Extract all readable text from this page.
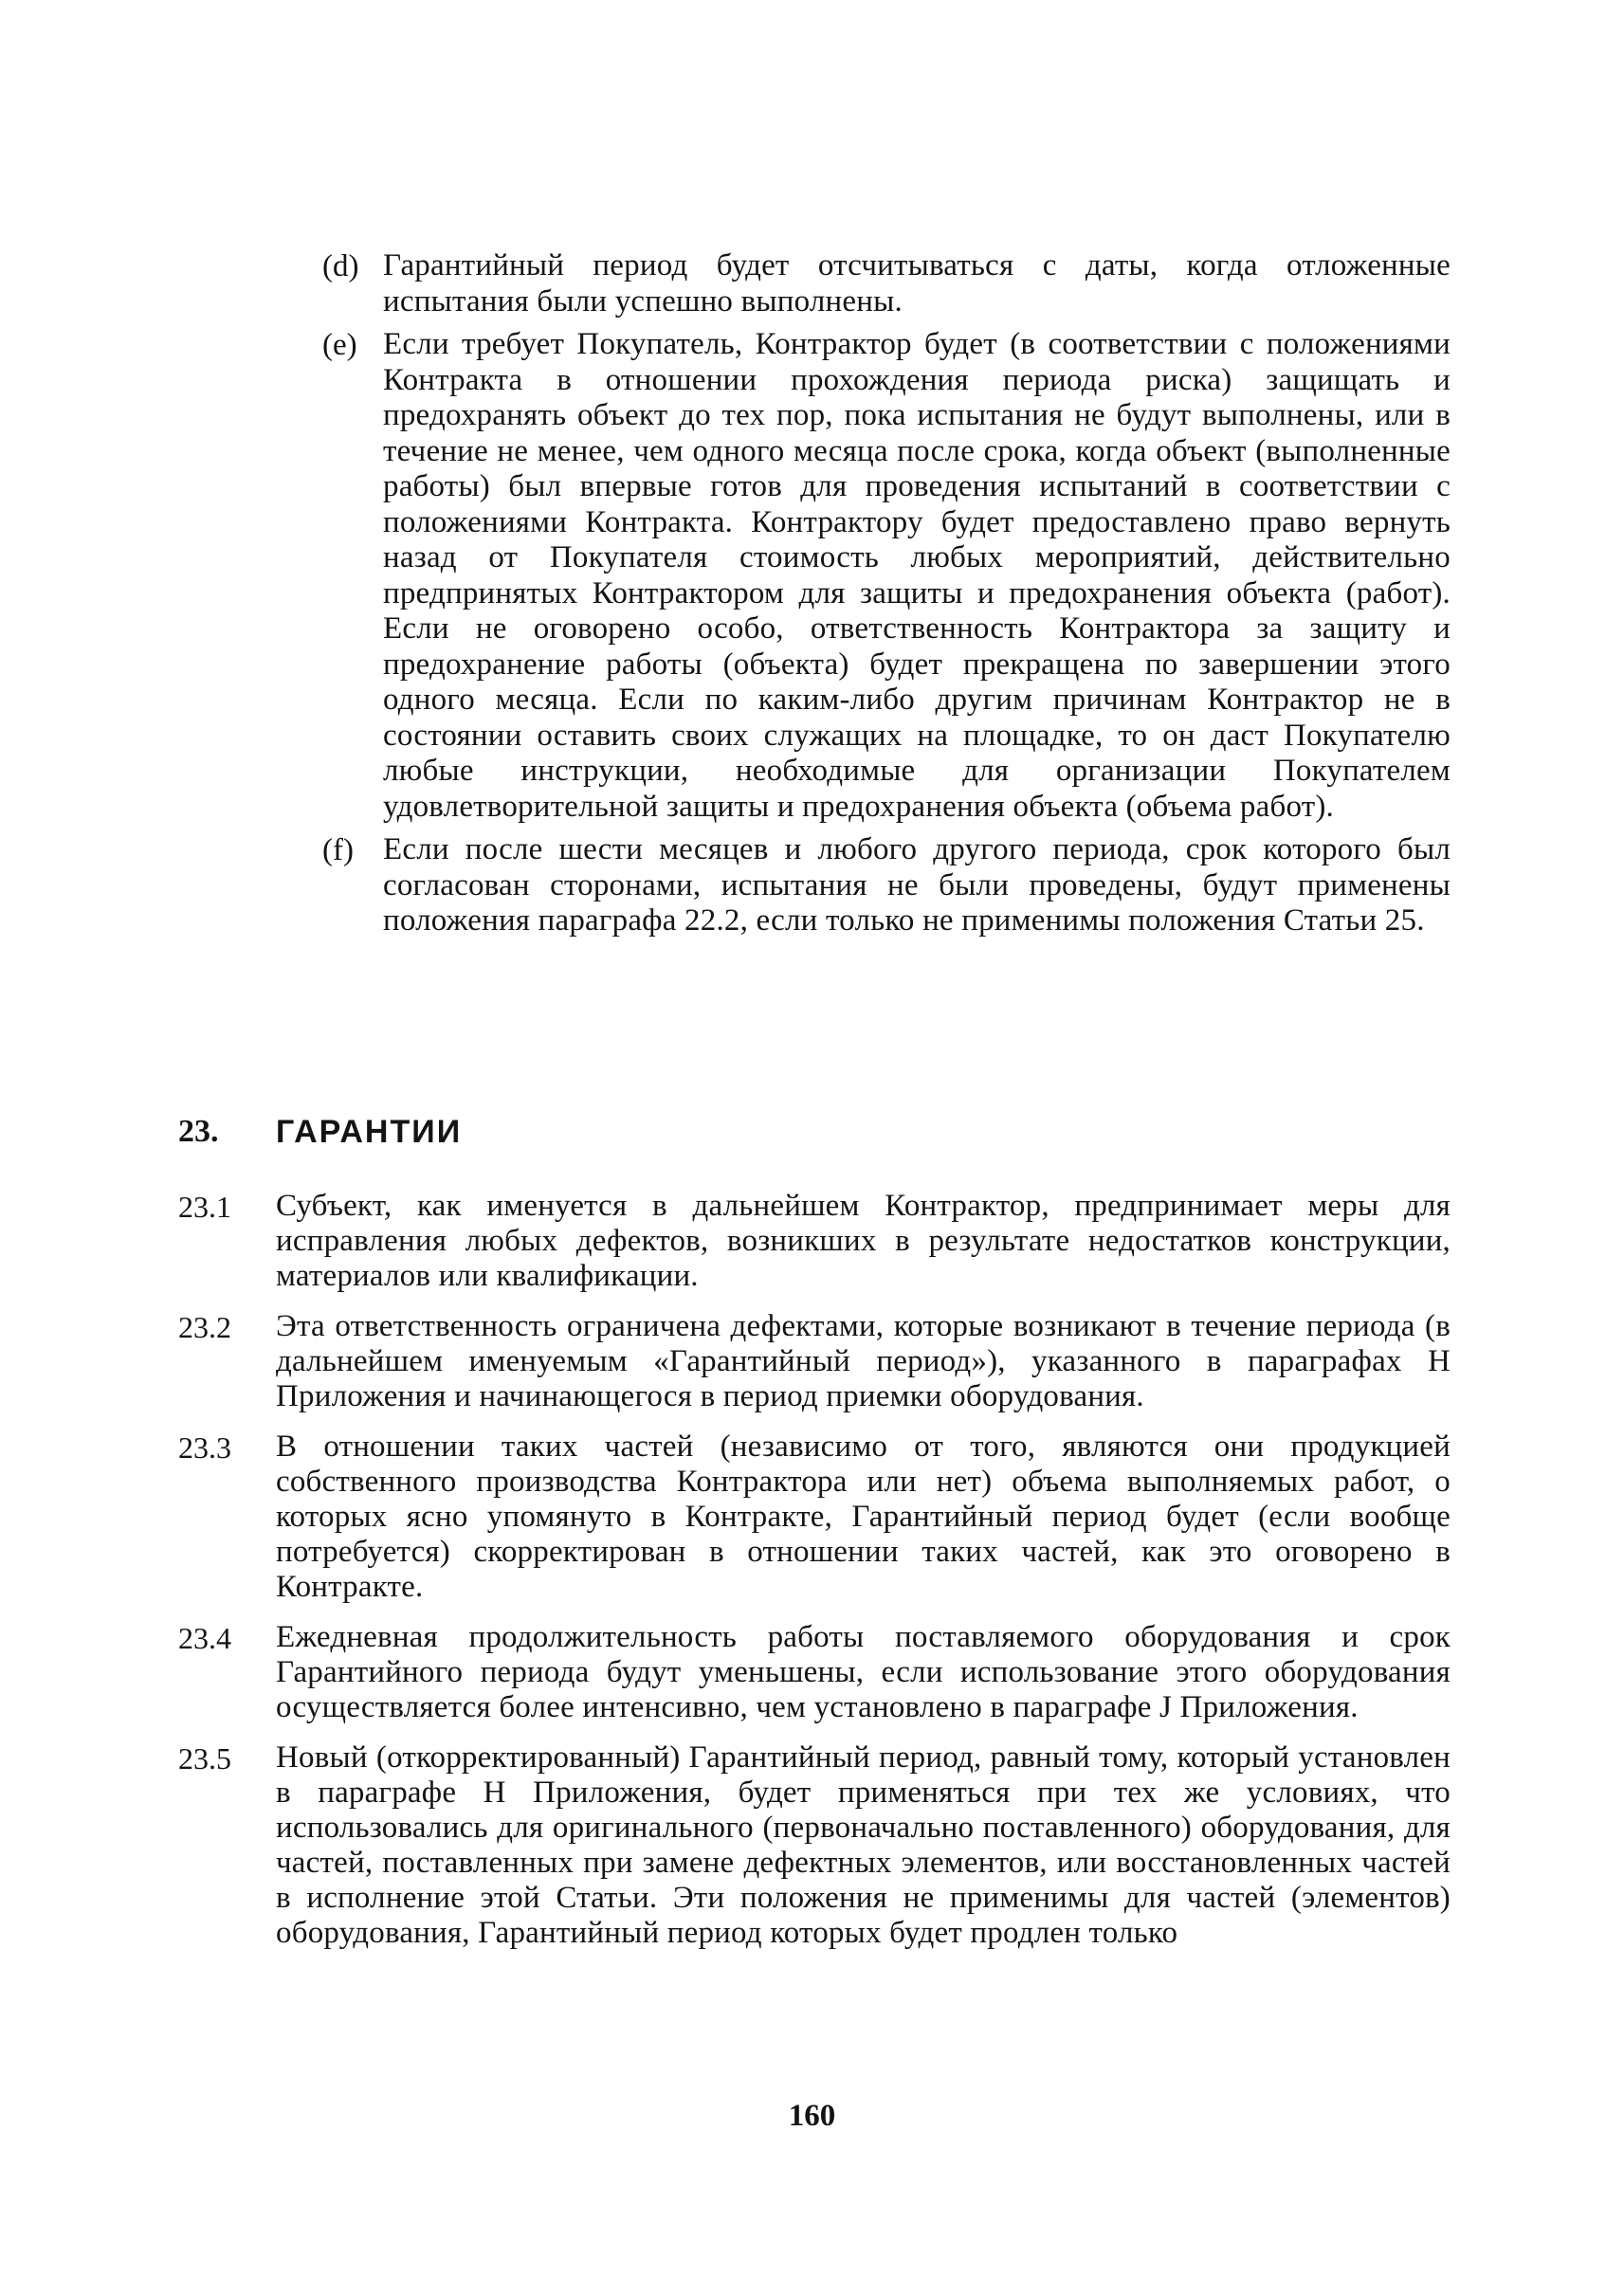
(d) Гарантийный период будет отсчитываться с даты, когда отложенные испытания были успешно выполнены.
(e) Если требует Покупатель, Контрактор будет (в соответствии с положениями Контракта в отношении прохождения периода риска) защищать и предохранять объект до тех пор, пока испытания не будут выполнены, или в течение не менее, чем одного месяца после срока, когда объект (выполненные работы) был впервые готов для проведения испытаний в соответствии с положениями Контракта. Контрактору будет предоставлено право вернуть назад от Покупателя стоимость любых мероприятий, действительно предпринятых Контрактором для защиты и предохранения объекта (работ). Если не оговорено особо, ответственность Контрактора за защиту и предохранение работы (объекта) будет прекращена по завершении этого одного месяца. Если по каким-либо другим причинам Контрактор не в состоянии оставить своих служащих на площадке, то он даст Покупателю любые инструкции, необходимые для организации Покупателем удовлетворительной защиты и предохранения объекта (объема работ).
(f) Если после шести месяцев и любого другого периода, срок которого был согласован сторонами, испытания не были проведены, будут применены положения параграфа 22.2, если только не применимы положения Статьи 25.
23. ГАРАНТИИ
23.1 Субъект, как именуется в дальнейшем Контрактор, предпринимает меры для исправления любых дефектов, возникших в результате недостатков конструкции, материалов или квалификации.
23.2 Эта ответственность ограничена дефектами, которые возникают в течение периода (в дальнейшем именуемым «Гарантийный период»), указанного в параграфах Н Приложения и начинающегося в период приемки оборудования.
23.3 В отношении таких частей (независимо от того, являются они продукцией собственного производства Контрактора или нет) объема выполняемых работ, о которых ясно упомянуто в Контракте, Гарантийный период будет (если вообще потребуется) скорректирован в отношении таких частей, как это оговорено в Контракте.
23.4 Ежедневная продолжительность работы поставляемого оборудования и срок Гарантийного периода будут уменьшены, если использование этого оборудования осуществляется более интенсивно, чем установлено в параграфе J Приложения.
23.5 Новый (откорректированный) Гарантийный период, равный тому, который установлен в параграфе Н Приложения, будет применяться при тех же условиях, что использовались для оригинального (первоначально поставленного) оборудования, для частей, поставленных при замене дефектных элементов, или восстановленных частей в исполнение этой Статьи. Эти положения не применимы для частей (элементов) оборудования, Гарантийный период которых будет продлен только
160
